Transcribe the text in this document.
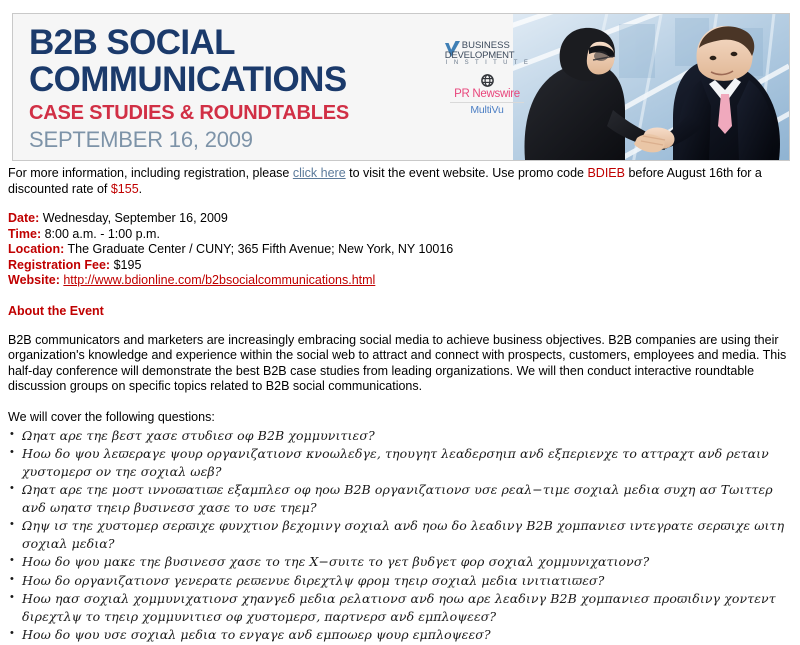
B2B SOCIAL
COMMUNICATIONS
CASE STUDIES & ROUNDTABLES
SEPTEMBER 16, 2009
BUSINESS
DEVELOPMENT
I N S T I T U T E
PR Newswire
MultiVu

For more information, including registration, please click here to visit the event website. Use promo code BDIEB before August 16th for a discounted rate of $155.

Date: Wednesday, September 16, 2009
Time: 8:00 a.m. - 1:00 p.m.
Location: The Graduate Center / CUNY; 365 Fifth Avenue; New York, NY 10016
Registration Fee: $195
Website: http://www.bdionline.com/b2bsocialcommunications.html
About the Event

B2B communicators and marketers are increasingly embracing social media to achieve business objectives. B2B companies are using their organization's knowledge and experience within the social web to attract and connect with prospects, customers, employees and media. This half-day conference will demonstrate the best B2B case studies from leading organizations. We will then conduct interactive roundtable discussion groups on specific topics related to B2B social communications.

We will cover the following questions:

• Ωηατ αρε τηε βεστ χασε στυδιεσ οφ B2B χομμυνιτιεσ?
• Ηοω δο ψου λεϖεραγε ψουρ οργανιζατιονσ κνοωλεδγε, τηουγητ λεαδερσηιπ ανδ εξπεριενχε το αττραχτ ανδ ρεταιν χυστομερσ ον τηε σοχιαλ ωεβ?
• Ωηατ αρε τηε μοστ ιννοϖατιϖε εξαμπλεσ οφ ηοω B2B οργανιζατιονσ υσε ρεαλ−τιμε σοχιαλ μεδια συχη ασ Τωιττερ ανδ ωηατσ τηειρ βυσινεσσ χασε το υσε τηεμ?
• Ωηψ ισ τηε χυστομερ σερϖιχε φυνχτιον βεχομινγ σοχιαλ ανδ ηοω δο λεαδινγ B2B χομπανιεσ ιντεγρατε σερϖιχε ωιτη σοχιαλ μεδια?
• Ηοω δο ψου μακε τηε βυσινεσσ χασε το τηε Χ−συιτε το γετ βυδγετ φορ σοχιαλ χομμυνιχατιονσ?
• Ηοω δο οργανιζατιονσ γενερατε ρεϖενυε διρεχτλψ φρομ τηειρ σοχιαλ μεδια ινιτιατιϖεσ?
• Ηοω ηασ σοχιαλ χομμυνιχατιονσ χηανγεδ μεδια ρελατιονσ ανδ ηοω αρε λεαδινγ B2B χομπανιεσ προϖιδινγ χοντεντ διρεχτλψ το τηειρ χομμυνιτιεσ οφ χυστομερσ, παρτνερσ ανδ εμπλοψεεσ?
• Ηοω δο ψου υσε σοχιαλ μεδια το ενγαγε ανδ εμποωερ ψουρ εμπλοψεεσ?
